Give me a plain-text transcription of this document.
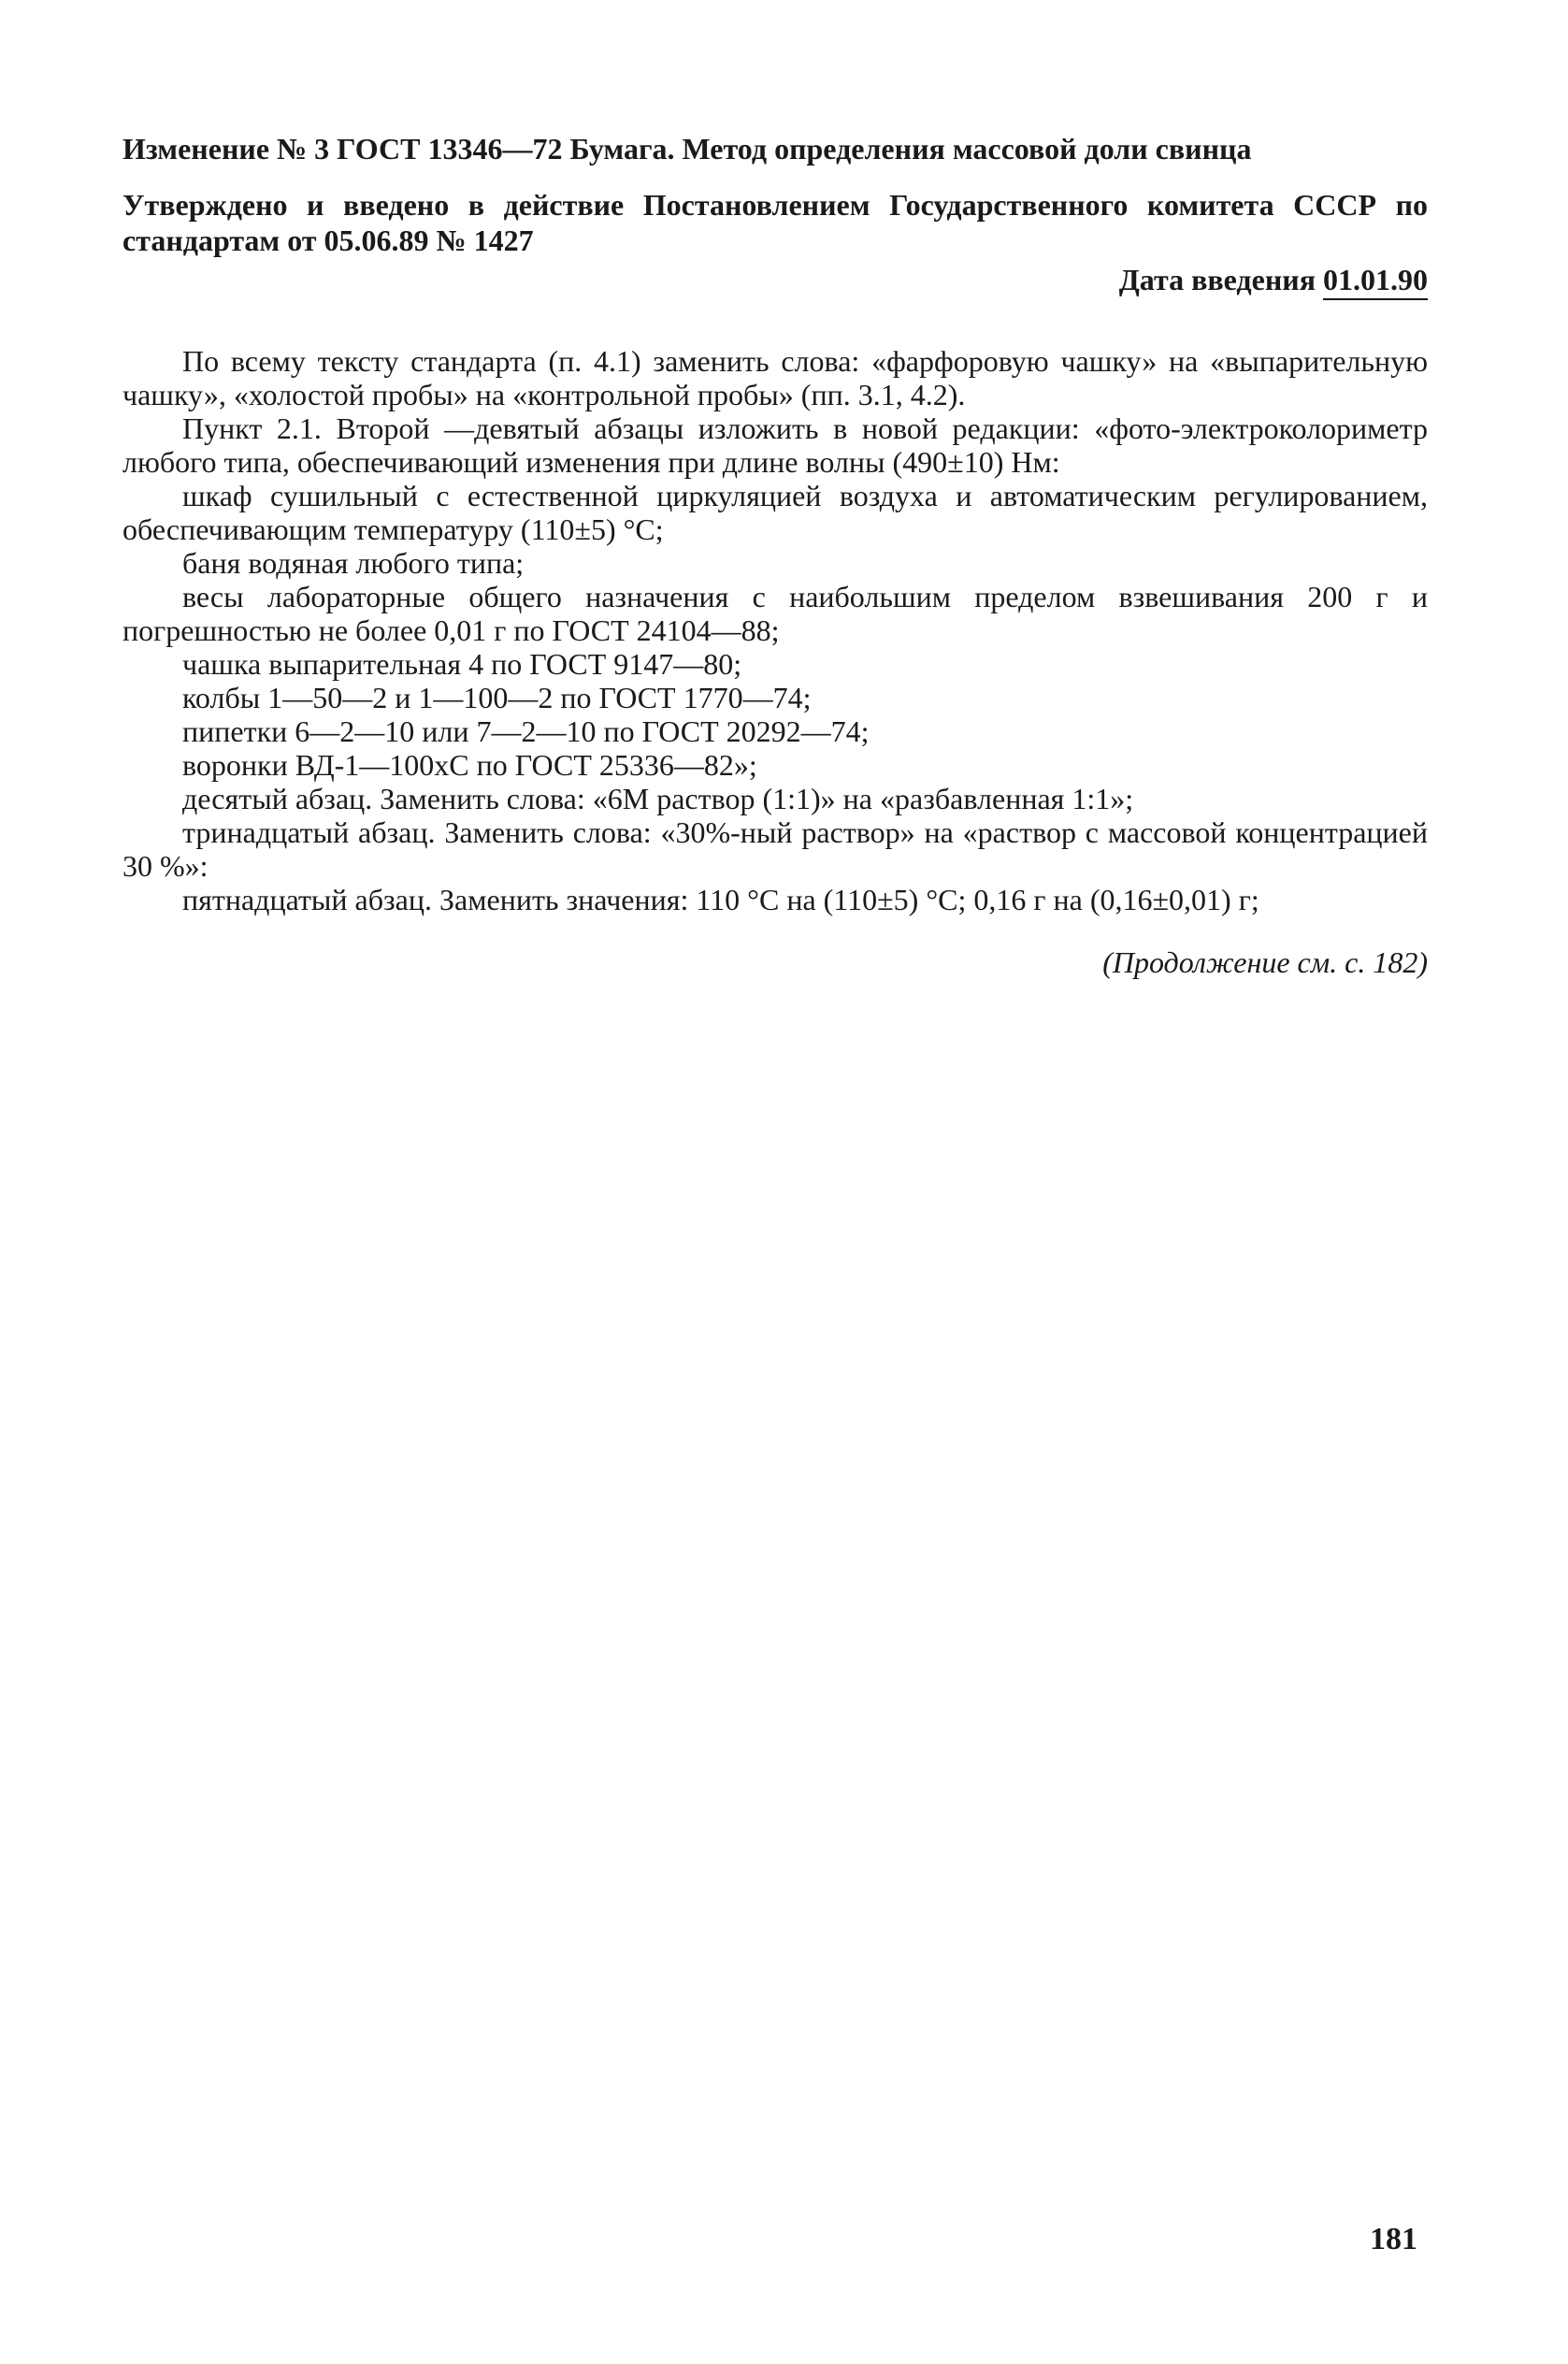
Изменение № 3 ГОСТ 13346—72 Бумага. Метод определения массовой доли свинца
Утверждено и введено в действие Постановлением Государственного комитета СССР по стандартам от 05.06.89 № 1427
Дата введения 01.01.90

По всему тексту стандарта (п. 4.1) заменить слова: «фарфоровую чашку» на «выпарительную чашку», «холостой пробы» на «контрольной пробы» (пп. 3.1, 4.2).

Пункт 2.1. Второй —девятый абзацы изложить в новой редакции: «фото-электроколориметр любого типа, обеспечивающий изменения при длине волны (490±10) Нм:

шкаф сушильный с естественной циркуляцией воздуха и автоматическим регулированием, обеспечивающим температуру (110±5) °С;

баня водяная любого типа;

весы лабораторные общего назначения с наибольшим пределом взвешивания 200 г и погрешностью не более 0,01 г по ГОСТ 24104—88;

чашка выпарительная 4 по ГОСТ 9147—80;

колбы 1—50—2 и 1—100—2 по ГОСТ 1770—74;

пипетки 6—2—10 или 7—2—10 по ГОСТ 20292—74;

воронки ВД-1—100хС по ГОСТ 25336—82»;

десятый абзац. Заменить слова: «6М раствор (1:1)» на «разбавленная 1:1»;

тринадцатый абзац. Заменить слова: «30%-ный раствор» на «раствор с массовой концентрацией 30 %»:

пятнадцатый абзац. Заменить значения: 110 °С на (110±5) °С; 0,16 г на (0,16±0,01) г;

(Продолжение см. с. 182)
181
